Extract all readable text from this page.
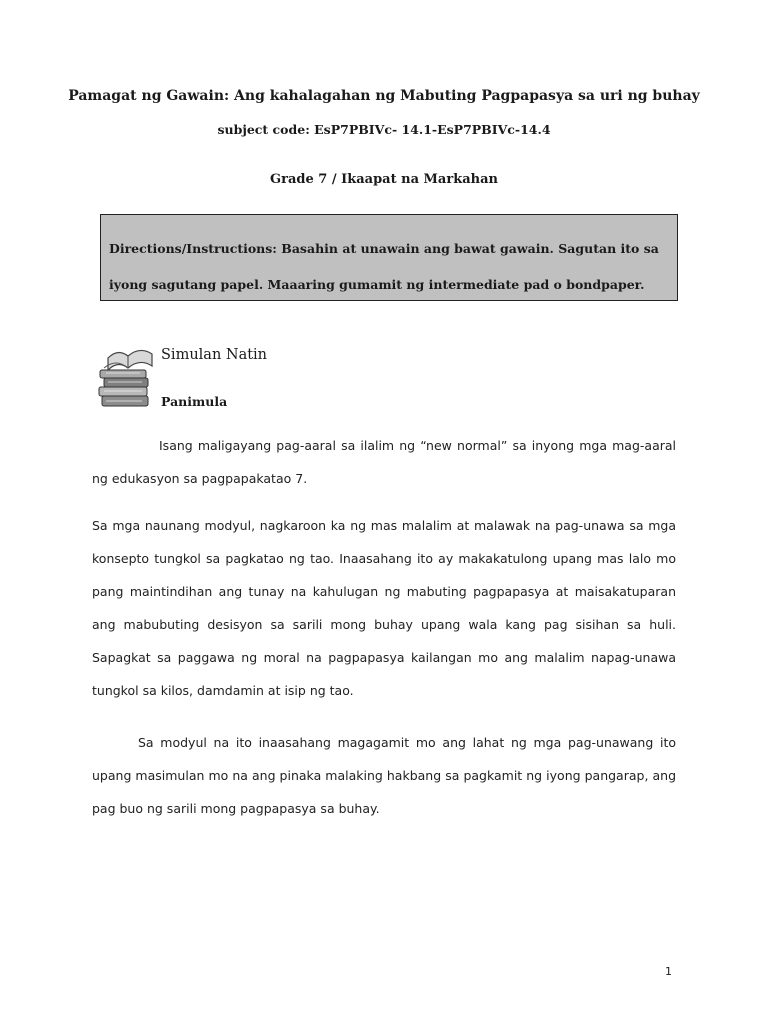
Pamagat ng Gawain: Ang kahalagahan ng Mabuting Pagpapasya sa uri ng buhay
subject code: EsP7PBIVc- 14.1-EsP7PBIVc-14.4
Grade 7 / Ikaapat na Markahan
Directions/Instructions: Basahin at unawain ang bawat gawain. Sagutan ito sa iyong sagutang papel. Maaaring gumamit ng intermediate pad o bondpaper.
Simulan Natin
Panimula

Isang maligayang pag-aaral sa ilalim ng “new normal” sa inyong mga mag-aaral ng edukasyon sa pagpapakatao 7.

Sa mga naunang modyul, nagkaroon ka ng mas malalim at malawak na pag-unawa sa mga konsepto tungkol sa pagkatao ng tao. Inaasahang ito ay makakatulong upang mas lalo mo pang maintindihan ang tunay na kahulugan ng mabuting pagpapasya at maisakatuparan ang mabubuting desisyon sa sarili mong buhay upang wala kang pag sisihan sa huli. Sapagkat sa paggawa ng moral na pagpapasya kailangan mo ang malalim napag-unawa tungkol sa kilos, damdamin at isip ng tao.

Sa modyul na ito inaasahang magagamit mo ang lahat ng mga pag-unawang ito upang masimulan mo na ang pinaka malaking hakbang sa pagkamit ng iyong pangarap, ang pag buo ng sarili mong pagpapasya sa buhay.

1
